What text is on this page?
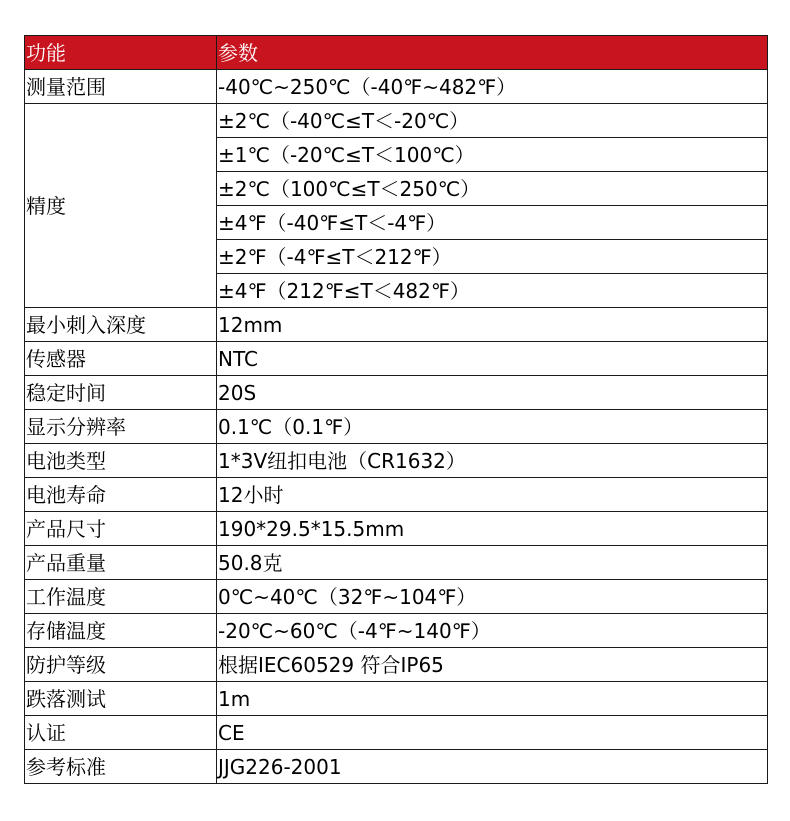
功能	参数
测量范围	-40℃~250℃（-40℉~482℉）
精度	±2℃（-40℃≤T＜-20℃）
	±1℃（-20℃≤T＜100℃）
	±2℃（100℃≤T＜250℃）
	±4℉（-40℉≤T＜-4℉）
	±2℉（-4℉≤T＜212℉）
	±4℉（212℉≤T＜482℉）
最小刺入深度	12mm
传感器	NTC
稳定时间	20S
显示分辨率	0.1℃（0.1℉）
电池类型	1*3V纽扣电池（CR1632）
电池寿命	12小时
产品尺寸	190*29.5*15.5mm
产品重量	50.8克
工作温度	0℃~40℃（32℉~104℉）
存储温度	-20℃~60℃（-4℉~140℉）
防护等级	根据IEC60529 符合IP65
跌落测试	1m
认证	CE
参考标准	JJG226-2001
